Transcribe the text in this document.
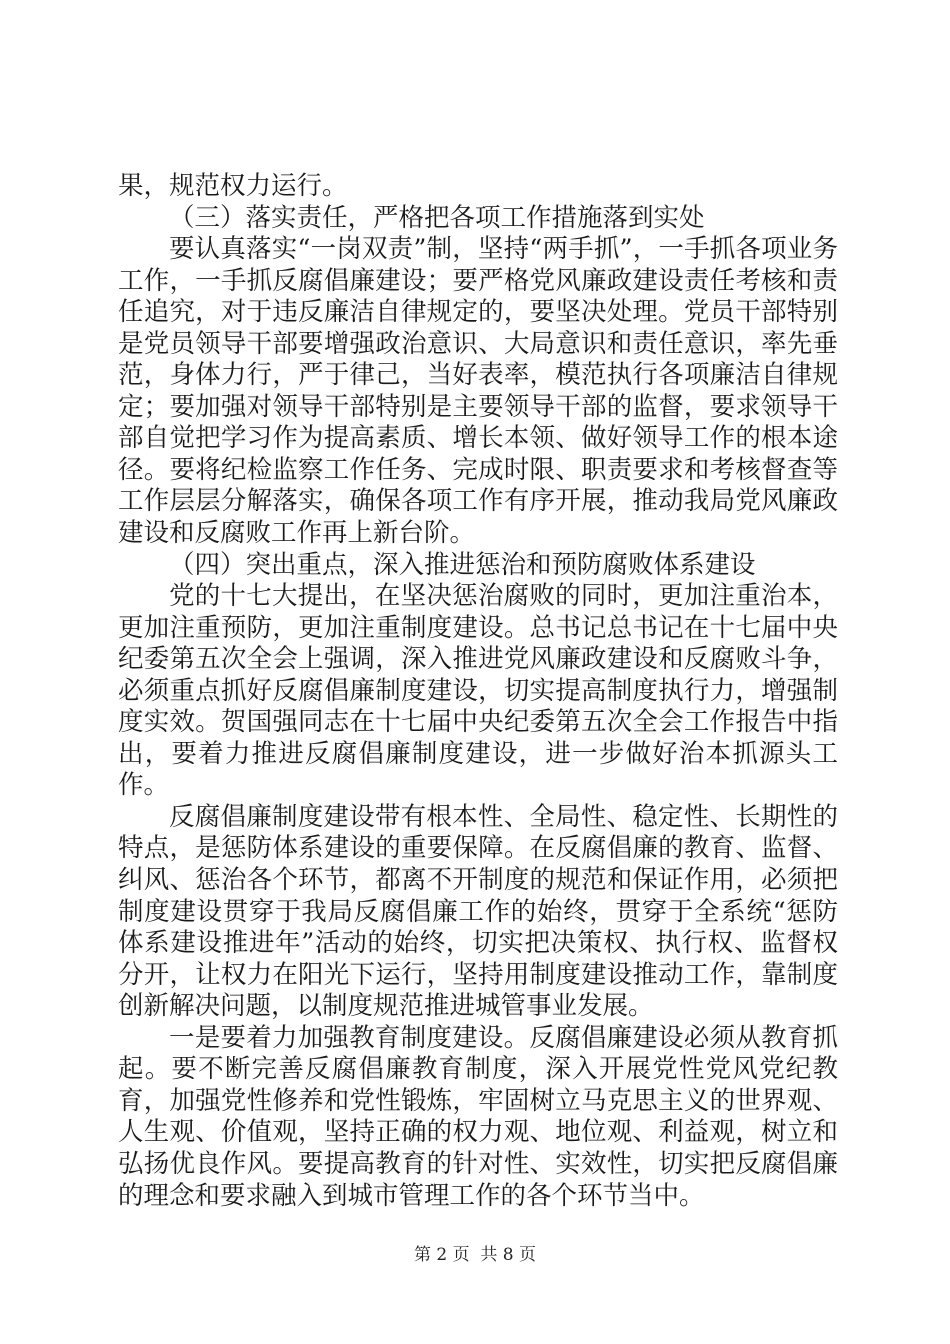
果，规范权力运行。

（三）落实责任，严格把各项工作措施落到实处

要认真落实“一岗双责”制，坚持“两手抓”，一手抓各项业务工作，一手抓反腐倡廉建设；要严格党风廉政建设责任考核和责任追究，对于违反廉洁自律规定的，要坚决处理。党员干部特别是党员领导干部要增强政治意识、大局意识和责任意识，率先垂范，身体力行，严于律己，当好表率，模范执行各项廉洁自律规定；要加强对领导干部特别是主要领导干部的监督，要求领导干部自觉把学习作为提高素质、增长本领、做好领导工作的根本途径。要将纪检监察工作任务、完成时限、职责要求和考核督查等工作层层分解落实，确保各项工作有序开展，推动我局党风廉政建设和反腐败工作再上新台阶。

（四）突出重点，深入推进惩治和预防腐败体系建设

党的十七大提出，在坚决惩治腐败的同时，更加注重治本，更加注重预防，更加注重制度建设。总书记总书记在十七届中央纪委第五次全会上强调，深入推进党风廉政建设和反腐败斗争，必须重点抓好反腐倡廉制度建设，切实提高制度执行力，增强制度实效。贺国强同志在十七届中央纪委第五次全会工作报告中指出，要着力推进反腐倡廉制度建设，进一步做好治本抓源头工作。

反腐倡廉制度建设带有根本性、全局性、稳定性、长期性的特点，是惩防体系建设的重要保障。在反腐倡廉的教育、监督、纠风、惩治各个环节，都离不开制度的规范和保证作用，必须把制度建设贯穿于我局反腐倡廉工作的始终，贯穿于全系统“惩防体系建设推进年”活动的始终，切实把决策权、执行权、监督权分开，让权力在阳光下运行，坚持用制度建设推动工作，靠制度创新解决问题，以制度规范推进城管事业发展。

一是要着力加强教育制度建设。反腐倡廉建设必须从教育抓起。要不断完善反腐倡廉教育制度，深入开展党性党风党纪教育，加强党性修养和党性锻炼，牢固树立马克思主义的世界观、人生观、价值观，坚持正确的权力观、地位观、利益观，树立和弘扬优良作风。要提高教育的针对性、实效性，切实把反腐倡廉的理念和要求融入到城市管理工作的各个环节当中。

第 2 页  共 8 页
